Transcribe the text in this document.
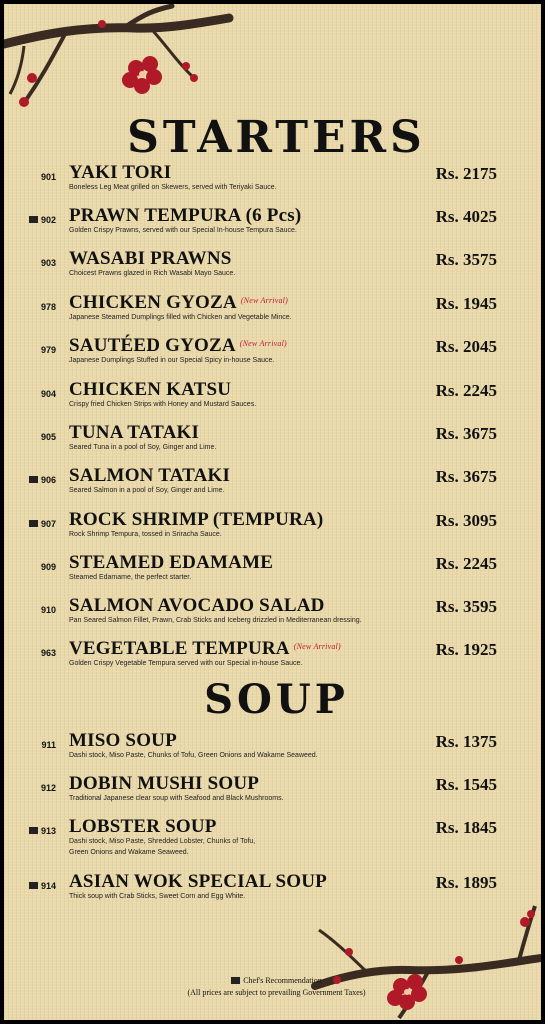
STARTERS
901 YAKI TORI
Boneless Leg Meat grilled on Skewers, served with Teriyaki Sauce.
Rs. 2175
902 PRAWN TEMPURA (6 Pcs)
Golden Crispy Prawns, served with our Special In-house Tempura Sauce.
Rs. 4025
903 WASABI PRAWNS
Choicest Prawns glazed in Rich Wasabi Mayo Sauce.
Rs. 3575
978 CHICKEN GYOZA $^{(New Arrival)}$
Japanese Steamed Dumplings filled with Chicken and Vegetable Mince.
Rs. 1945
979 SAUTÉED GYOZA $^{(New Arrival)}$
Japanese Dumplings Stuffed in our Special Spicy in-house Sauce.
Rs. 2045
904 CHICKEN KATSU
Crispy fried Chicken Strips with Honey and Mustard Sauces.
Rs. 2245
905 TUNA TATAKI
Seared Tuna in a pool of Soy, Ginger and Lime.
Rs. 3675
906 SALMON TATAKI
Seared Salmon in a pool of Soy, Ginger and Lime.
Rs. 3675
907 ROCK SHRIMP (TEMPURA)
Rock Shrimp Tempura, tossed in Sriracha Sauce.
Rs. 3095
909 STEAMED EDAMAME
Steamed Edamame, the perfect starter.
Rs. 2245
910 SALMON AVOCADO SALAD
Pan Seared Salmon Fillet, Prawn, Crab Sticks and Iceberg drizzled in Mediterranean dressing.
Rs. 3595
963 VEGETABLE TEMPURA $^{(New Arrival)}$
Golden Crispy Vegetable Tempura served with our Special in-house Sauce.
Rs. 1925
SOUP
911 MISO SOUP
Dashi stock, Miso Paste, Chunks of Tofu, Green Onions and Wakame Seaweed.
Rs. 1375
912 DOBIN MUSHI SOUP
Traditional Japanese clear soup with Seafood and Black Mushrooms.
Rs. 1545
913 LOBSTER SOUP
Dashi stock, Miso Paste, Shredded Lobster, Chunks of Tofu,
Green Onions and Wakame Seaweed.
Rs. 1845
914 ASIAN WOK SPECIAL SOUP
Thick soup with Crab Sticks, Sweet Corn and Egg White.
Rs. 1895
Chef's Recommendation
(All prices are subject to prevailing Government Taxes)
